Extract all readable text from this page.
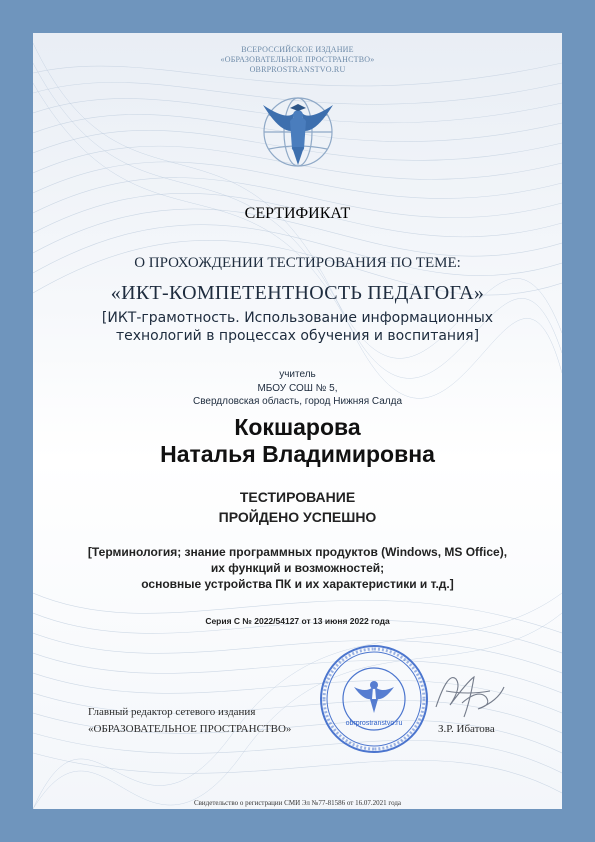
ВСЕРОССИЙСКОЕ ИЗДАНИЕ
«ОБРАЗОВАТЕЛЬНОЕ ПРОСТРАНСТВО»
OBRPROSTRANSTVO.RU
СЕРТИФИКАТ
О ПРОХОЖДЕНИИ ТЕСТИРОВАНИЯ ПО ТЕМЕ:
«ИКТ-КОМПЕТЕНТНОСТЬ ПЕДАГОГА»
[ИКТ-грамотность. Использование информационных
технологий в процессах обучения и воспитания]
учитель
МБОУ СОШ № 5,
Свердловская область, город Нижняя Салда
Кокшарова
Наталья Владимировна
ТЕСТИРОВАНИЕ
ПРОЙДЕНО УСПЕШНО
[Терминология; знание программных продуктов (Windows, MS Office),
их функций и возможностей;
основные устройства ПК и их характеристики и т.д.]
Серия С № 2022/54127 от 13 июня 2022 года
obrprostranstvo.ru
Главный редактор сетевого издания
«ОБРАЗОВАТЕЛЬНОЕ ПРОСТРАНСТВО»	З.Р. Ибатова
Свидетельство о регистрации СМИ Эл №77-81586 от 16.07.2021 года
